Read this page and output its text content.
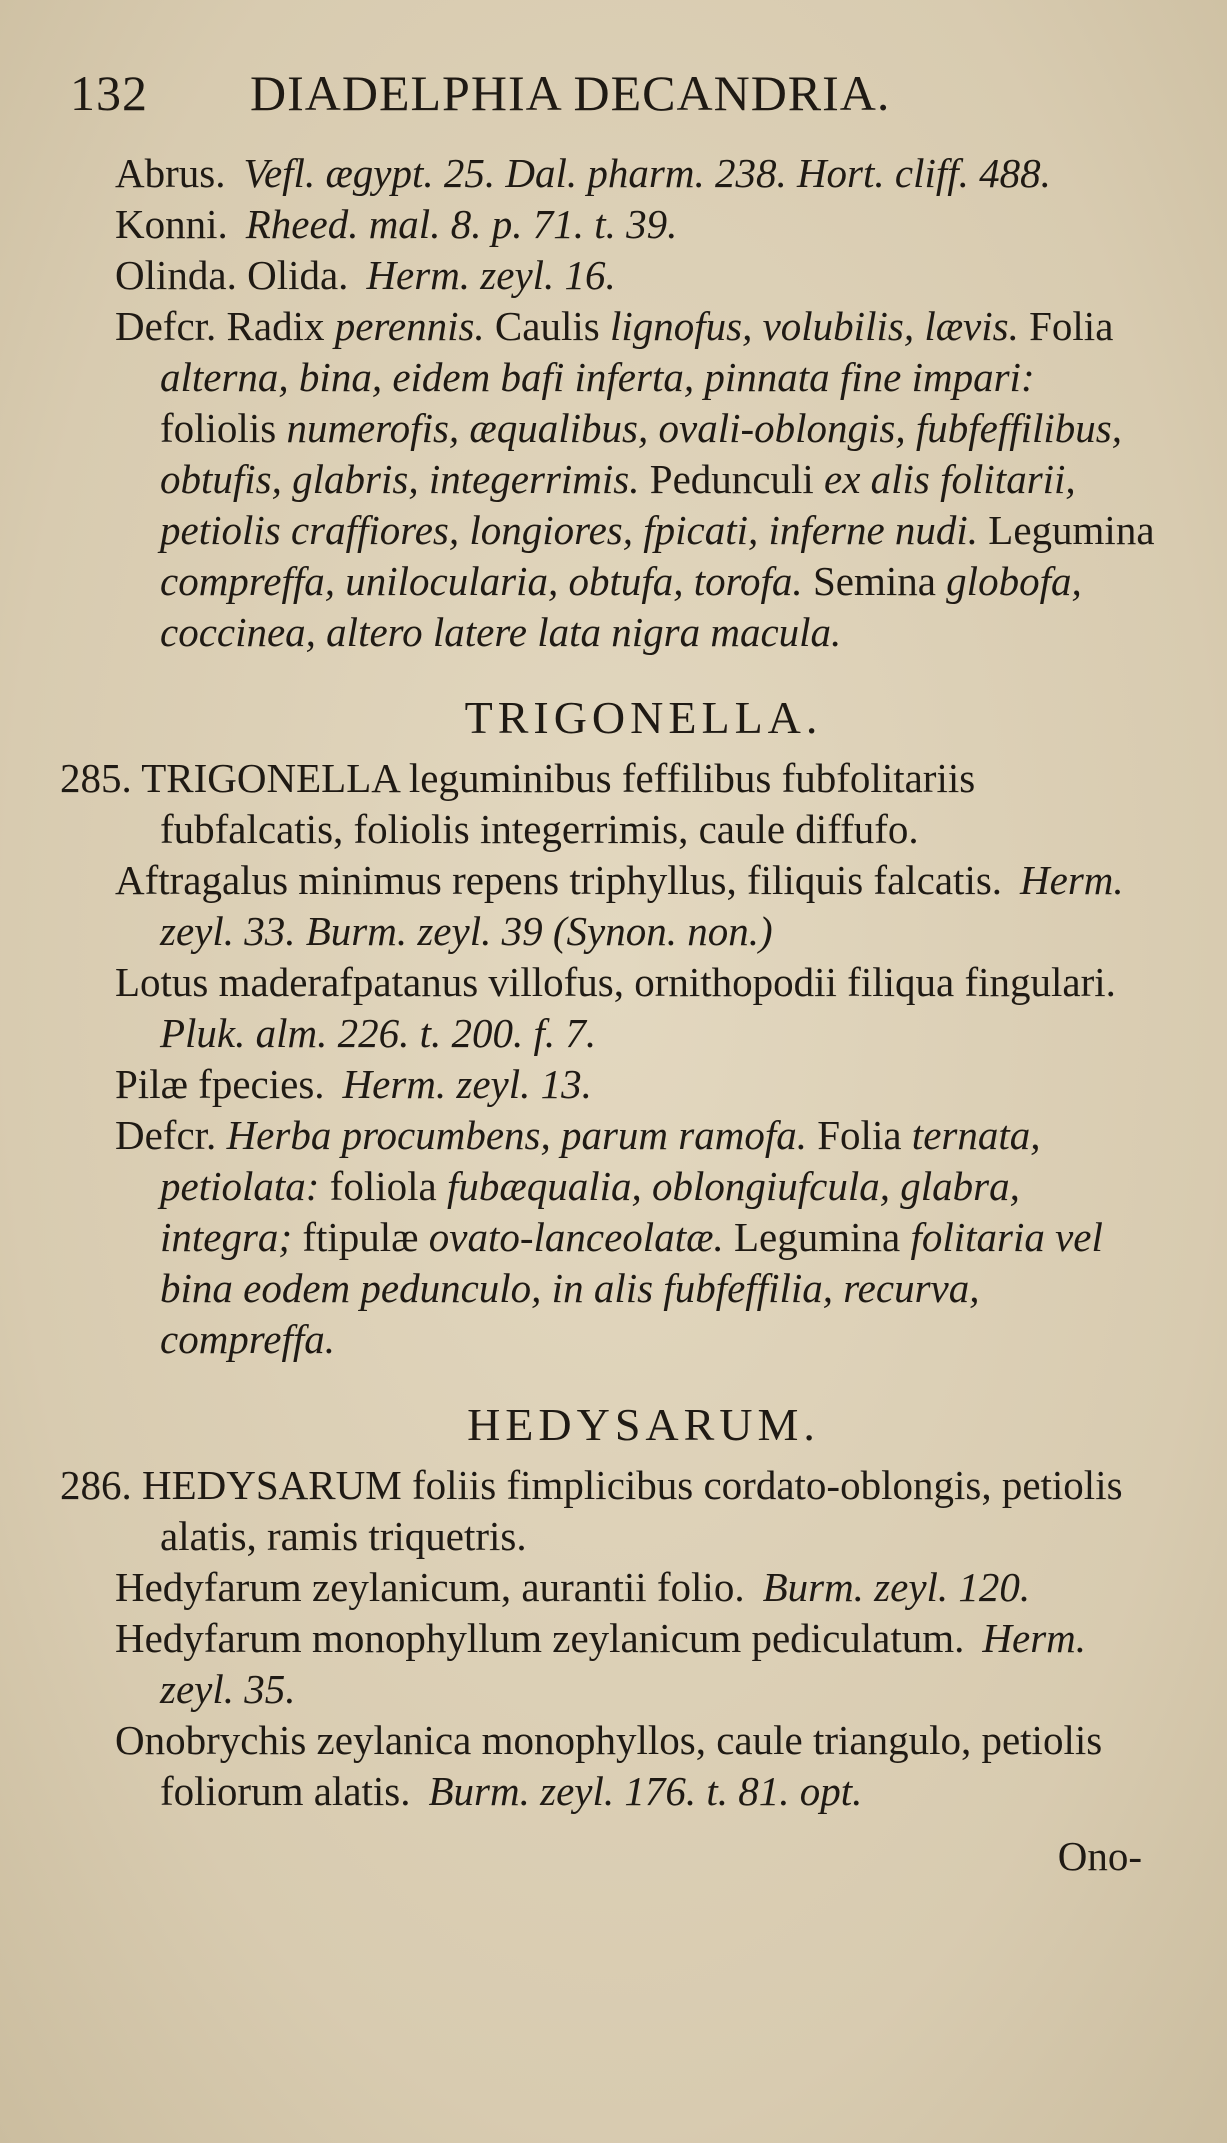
132 DIADELPHIA DECANDRIA.

Abrus. Vefl. ægypt. 25. Dal. pharm. 238. Hort. cliff. 488.

Konni. Rheed. mal. 8. p. 71. t. 39.

Olinda. Olida. Herm. zeyl. 16.

Defcr. Radix perennis. Caulis lignofus, volubilis, lævis. Folia alterna, bina, eidem bafi inferta, pinnata fine impari: foliolis numerofis, æqualibus, ovali-oblongis, fubfeffilibus, obtufis, glabris, integerrimis. Pedunculi ex alis folitarii, petiolis craffiores, longiores, fpicati, inferne nudi. Legumina compreffa, unilocularia, obtufa, torofa. Semina globofa, coccinea, altero latere lata nigra macula.

TRIGONELLA.

285. TRIGONELLA leguminibus feffilibus fubfolitariis fubfalcatis, foliolis integerrimis, caule diffufo.

Aftragalus minimus repens triphyllus, filiquis falcatis. Herm. zeyl. 33. Burm. zeyl. 39 (Synon. non.)

Lotus maderafpatanus villofus, ornithopodii filiqua fingulari.Pluk. alm. 226. t. 200. f. 7.

Pilæ fpecies. Herm. zeyl. 13.

Defcr. Herba procumbens, parum ramofa. Folia ternata, petiolata: foliola fubæqualia, oblongiufcula, glabra, integra; ftipulæ ovato-lanceolatæ. Legumina folitaria vel bina eodem pedunculo, in alis fubfeffilia, recurva, compreffa.

HEDYSARUM.

286. HEDYSARUM foliis fimplicibus cordato-oblongis, petiolis alatis, ramis triquetris.

Hedyfarum zeylanicum, aurantii folio. Burm. zeyl. 120.

Hedyfarum monophyllum zeylanicum pediculatum. Herm. zeyl. 35.

Onobrychis zeylanica monophyllos, caule triangulo, petiolis foliorum alatis. Burm. zeyl. 176. t. 81. opt.

Ono-
